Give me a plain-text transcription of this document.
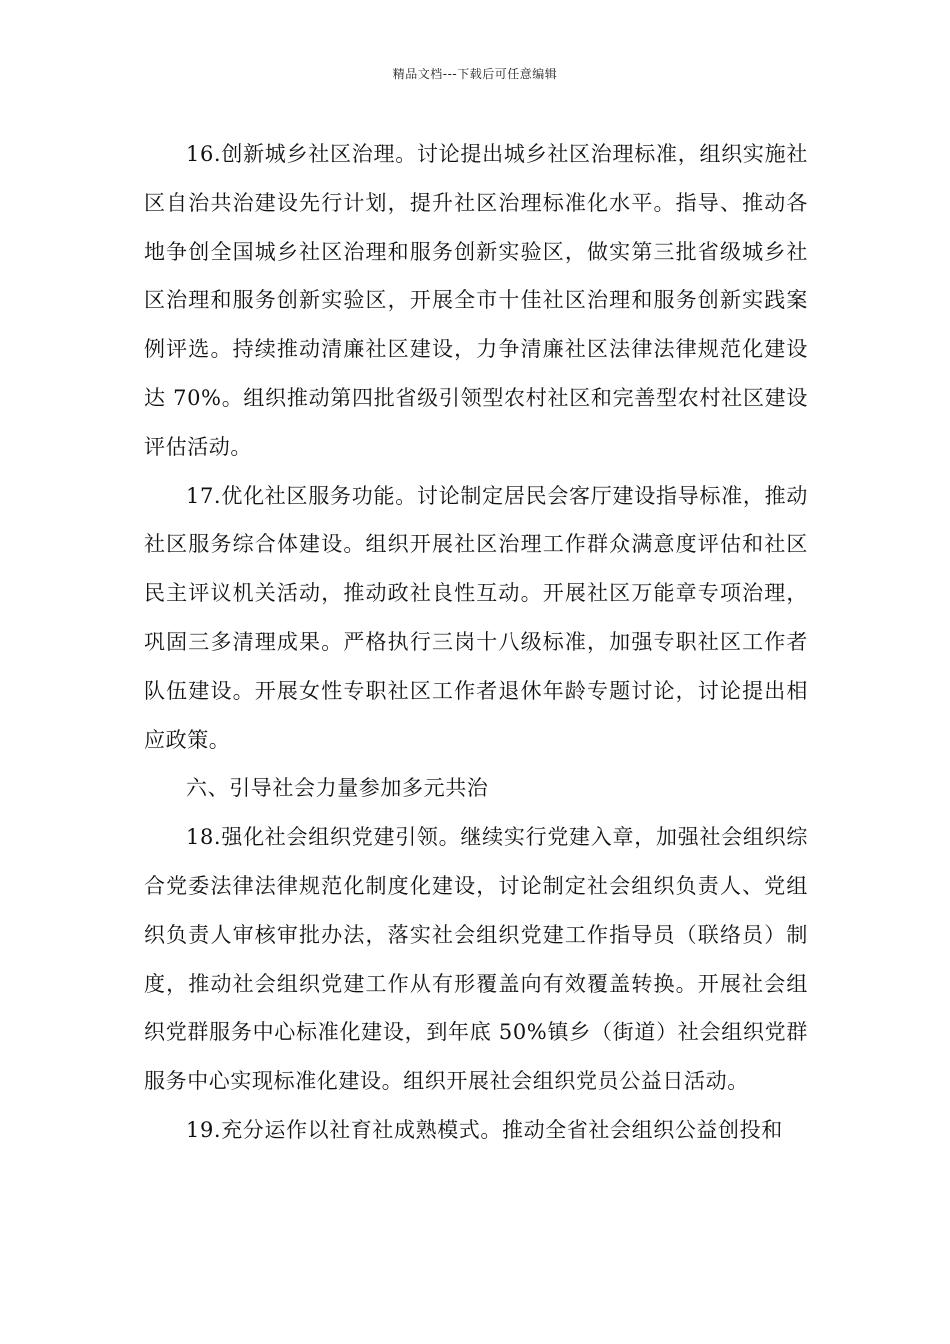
精品文档---下载后可任意编辑

16.创新城乡社区治理。讨论提出城乡社区治理标准，组织实施社区自治共治建设先行计划，提升社区治理标准化水平。指导、推动各地争创全国城乡社区治理和服务创新实验区，做实第三批省级城乡社区治理和服务创新实验区，开展全市十佳社区治理和服务创新实践案例评选。持续推动清廉社区建设，力争清廉社区法律法律规范化建设达 70%。组织推动第四批省级引领型农村社区和完善型农村社区建设评估活动。

17.优化社区服务功能。讨论制定居民会客厅建设指导标准，推动社区服务综合体建设。组织开展社区治理工作群众满意度评估和社区民主评议机关活动，推动政社良性互动。开展社区万能章专项治理，巩固三多清理成果。严格执行三岗十八级标准，加强专职社区工作者队伍建设。开展女性专职社区工作者退休年龄专题讨论，讨论提出相应政策。

六、引导社会力量参加多元共治

18.强化社会组织党建引领。继续实行党建入章，加强社会组织综合党委法律法律规范化制度化建设，讨论制定社会组织负责人、党组织负责人审核审批办法，落实社会组织党建工作指导员（联络员）制度，推动社会组织党建工作从有形覆盖向有效覆盖转换。开展社会组织党群服务中心标准化建设，到年底 50%镇乡（街道）社会组织党群服务中心实现标准化建设。组织开展社会组织党员公益日活动。

19.充分运作以社育社成熟模式。推动全省社会组织公益创投和
